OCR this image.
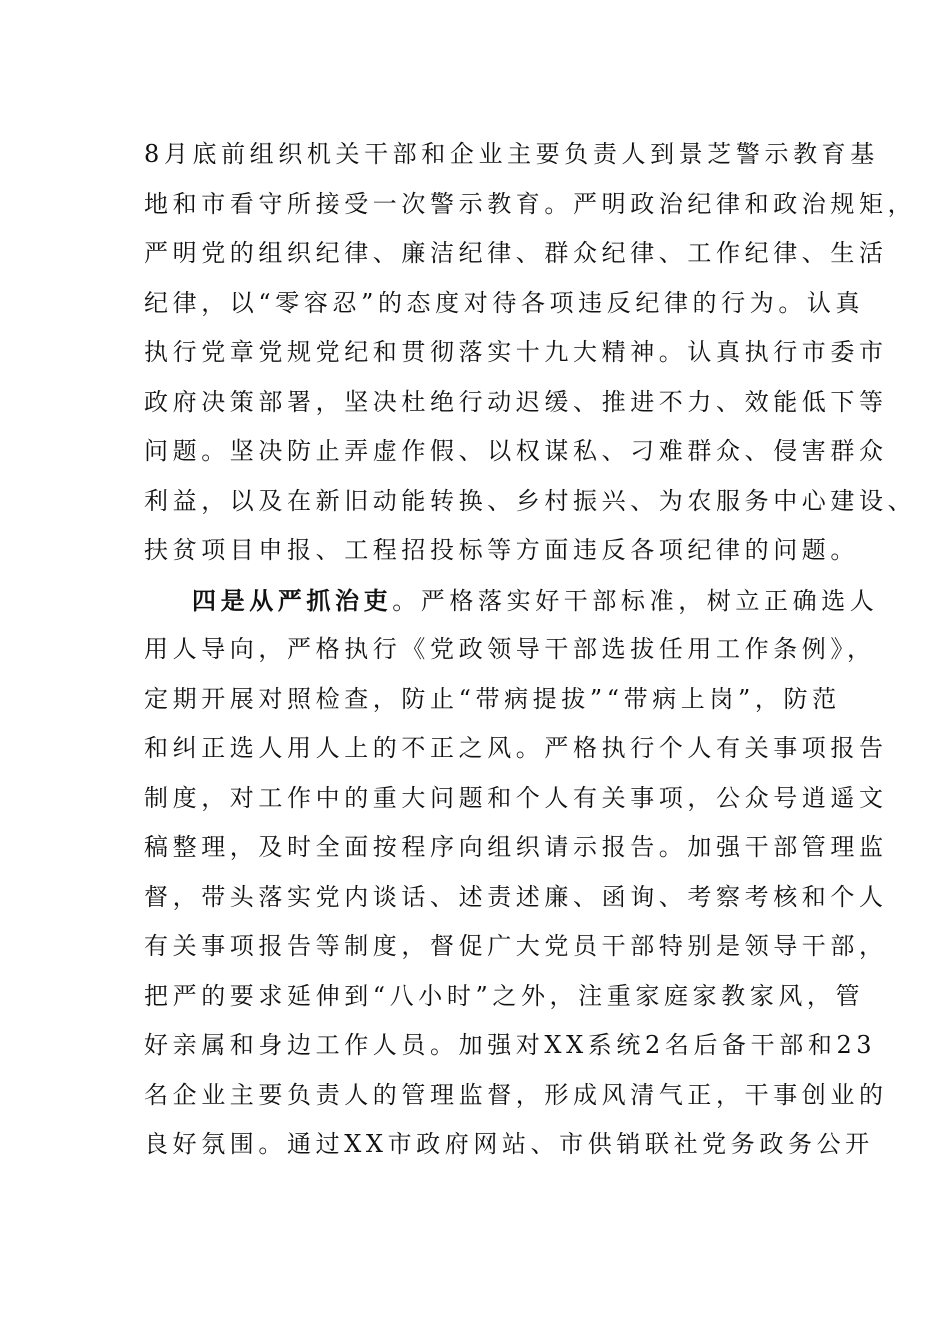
8月底前组织机关干部和企业主要负责人到景芝警示教育基
地和市看守所接受一次警示教育。严明政治纪律和政治规矩，
严明党的组织纪律、廉洁纪律、群众纪律、工作纪律、生活
纪律，以“零容忍”的态度对待各项违反纪律的行为。认真
执行党章党规党纪和贯彻落实十九大精神。认真执行市委市
政府决策部署，坚决杜绝行动迟缓、推进不力、效能低下等
问题。坚决防止弄虚作假、以权谋私、刁难群众、侵害群众
利益，以及在新旧动能转换、乡村振兴、为农服务中心建设、
扶贫项目申报、工程招投标等方面违反各项纪律的问题。
四是从严抓治吏。严格落实好干部标准，树立正确选人
用人导向，严格执行《党政领导干部选拔任用工作条例》，
定期开展对照检查，防止“带病提拔”“带病上岗”，防范
和纠正选人用人上的不正之风。严格执行个人有关事项报告
制度，对工作中的重大问题和个人有关事项，公众号逍遥文
稿整理，及时全面按程序向组织请示报告。加强干部管理监
督，带头落实党内谈话、述责述廉、函询、考察考核和个人
有关事项报告等制度，督促广大党员干部特别是领导干部，
把严的要求延伸到“八小时”之外，注重家庭家教家风，管
好亲属和身边工作人员。加强对XX系统2名后备干部和23
名企业主要负责人的管理监督，形成风清气正，干事创业的
良好氛围。通过XX市政府网站、市供销联社党务政务公开
